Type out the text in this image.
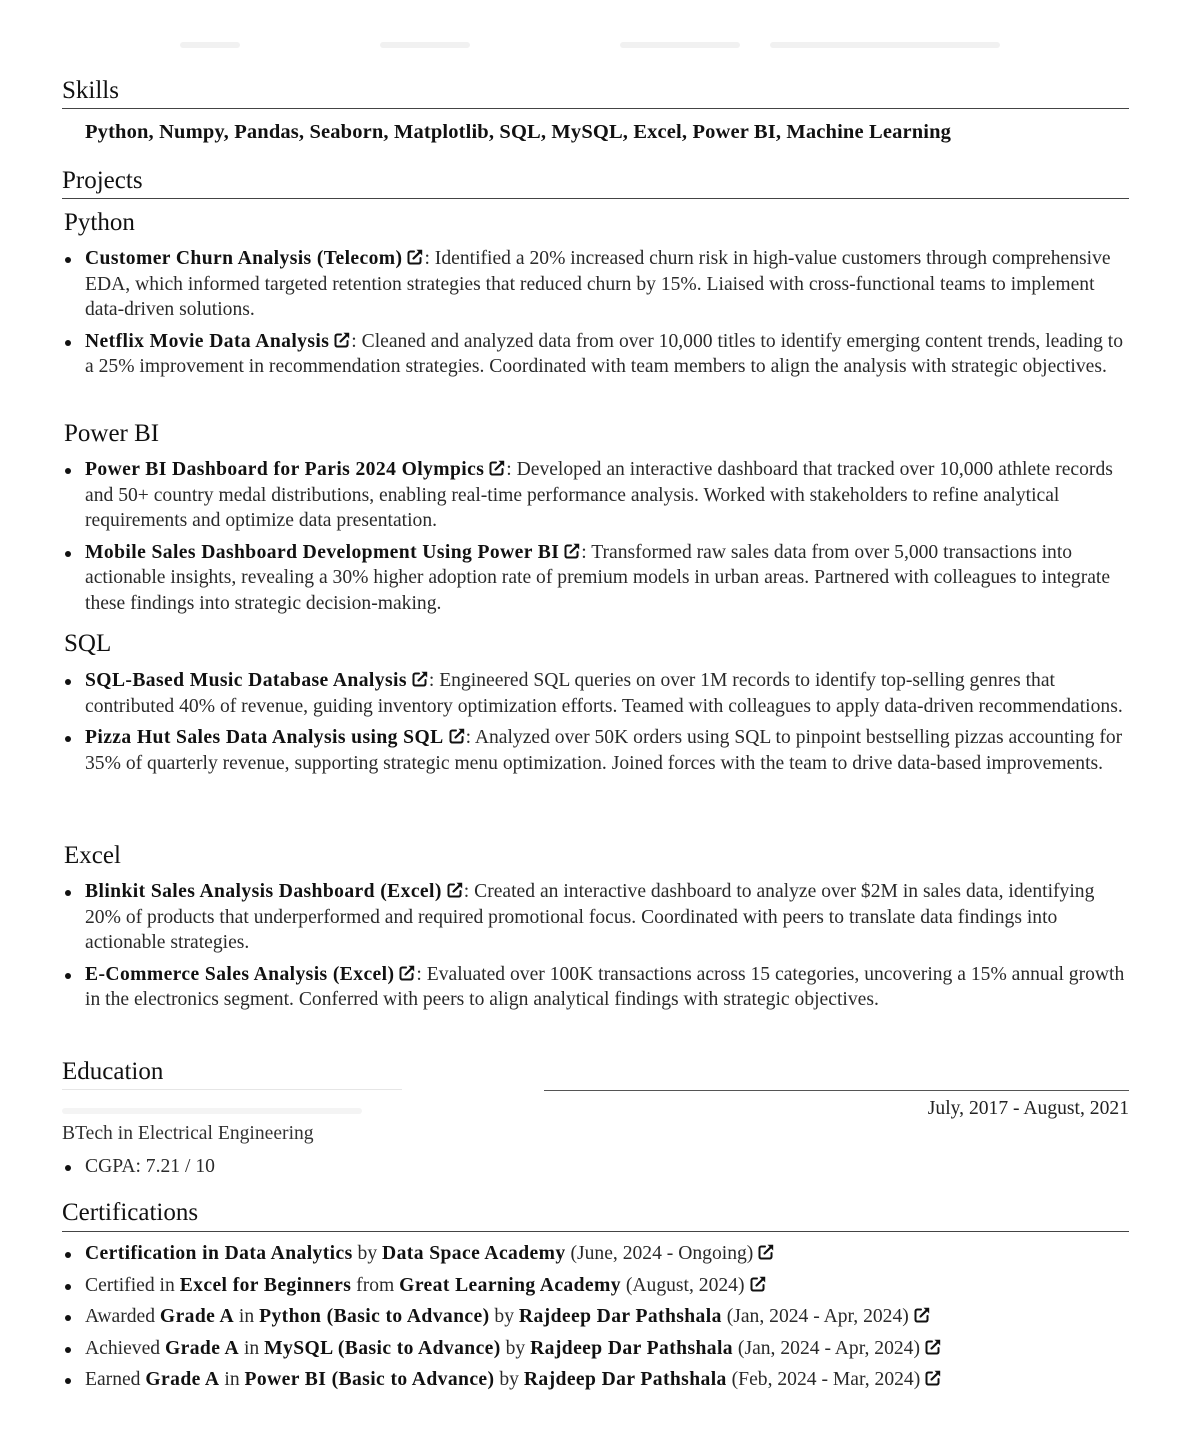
Skills
Python, Numpy, Pandas, Seaborn, Matplotlib, SQL, MySQL, Excel, Power BI, Machine Learning
Projects
Python
Customer Churn Analysis (Telecom) : Identified a 20% increased churn risk in high-value customers through comprehensive EDA, which informed targeted retention strategies that reduced churn by 15%. Liaised with cross-functional teams to implement data-driven solutions.
Netflix Movie Data Analysis : Cleaned and analyzed data from over 10,000 titles to identify emerging content trends, leading to a 25% improvement in recommendation strategies. Coordinated with team members to align the analysis with strategic objectives.
Power BI
Power BI Dashboard for Paris 2024 Olympics : Developed an interactive dashboard that tracked over 10,000 athlete records and 50+ country medal distributions, enabling real-time performance analysis. Worked with stakeholders to refine analytical requirements and optimize data presentation.
Mobile Sales Dashboard Development Using Power BI : Transformed raw sales data from over 5,000 transactions into actionable insights, revealing a 30% higher adoption rate of premium models in urban areas. Partnered with colleagues to integrate these findings into strategic decision-making.
SQL
SQL-Based Music Database Analysis : Engineered SQL queries on over 1M records to identify top-selling genres that contributed 40% of revenue, guiding inventory optimization efforts. Teamed with colleagues to apply data-driven recommendations.
Pizza Hut Sales Data Analysis using SQL : Analyzed over 50K orders using SQL to pinpoint bestselling pizzas accounting for 35% of quarterly revenue, supporting strategic menu optimization. Joined forces with the team to drive data-based improvements.
Excel
Blinkit Sales Analysis Dashboard (Excel) : Created an interactive dashboard to analyze over $2M in sales data, identifying 20% of products that underperformed and required promotional focus. Coordinated with peers to translate data findings into actionable strategies.
E-Commerce Sales Analysis (Excel) : Evaluated over 100K transactions across 15 categories, uncovering a 15% annual growth in the electronics segment. Conferred with peers to align analytical findings with strategic objectives.
Education
July, 2017 - August, 2021
BTech in Electrical Engineering
CGPA: 7.21 / 10
Certifications
Certification in Data Analytics by Data Space Academy (June, 2024 - Ongoing)
Certified in Excel for Beginners from Great Learning Academy (August, 2024)
Awarded Grade A in Python (Basic to Advance) by Rajdeep Dar Pathshala (Jan, 2024 - Apr, 2024)
Achieved Grade A in MySQL (Basic to Advance) by Rajdeep Dar Pathshala (Jan, 2024 - Apr, 2024)
Earned Grade A in Power BI (Basic to Advance) by Rajdeep Dar Pathshala (Feb, 2024 - Mar, 2024)
